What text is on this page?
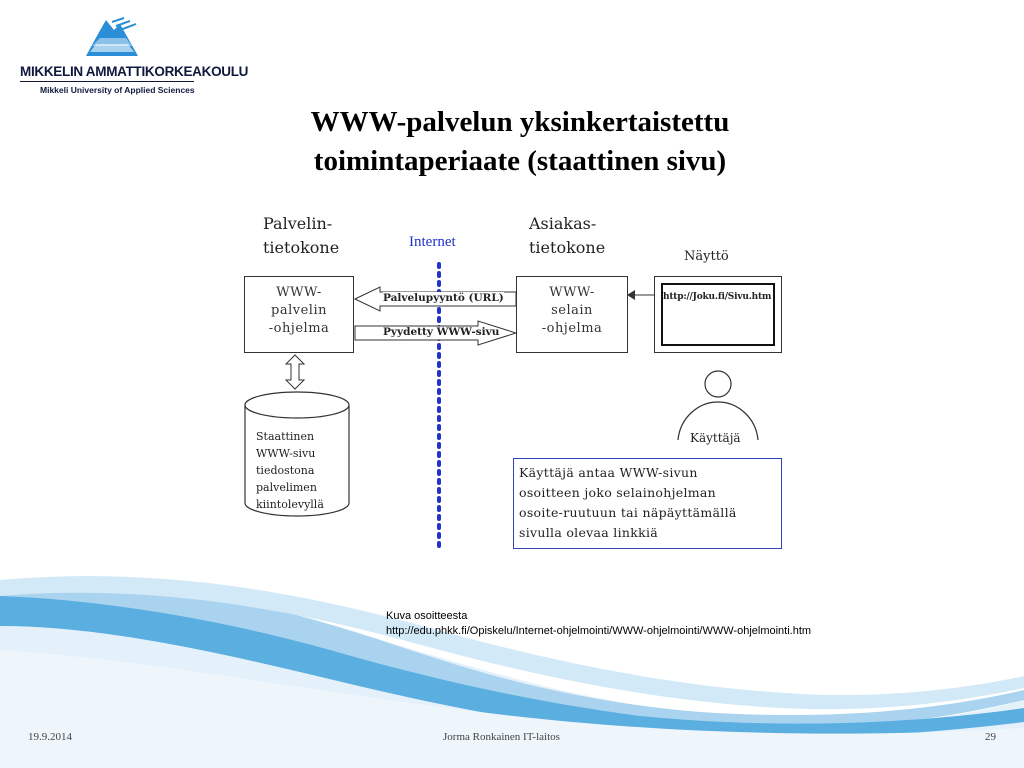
MIKKELIN AMMATTIKORKEAKOULU
Mikkeli University of Applied Sciences
WWW-palvelun yksinkertaistettu
toimintaperiaate (staattinen sivu)
Palvelin-
tietokone	Internet
Asiakas-
tietokone	Näyttö
WWW-
palvelin
-ohjelma
WWW-
selain
-ohjelma
Palvelupyyntö (URL)
Pyydetty WWW-sivu
http://Joku.fi/Sivu.htm
Staattinen
WWW-sivu
tiedostona
palvelimen
kiintolevyllä
Käyttäjä
Käyttäjä antaa WWW-sivun
osoitteen joko selainohjelman
osoite-ruutuun tai näpäyttämällä
sivulla olevaa linkkiä
Kuva osoitteesta
http://edu.phkk.fi/Opiskelu/Internet-ohjelmointi/WWW-ohjelmointi/WWW-ohjelmointi.htm
19.9.2014	Jorma Ronkainen IT-laitos	29
